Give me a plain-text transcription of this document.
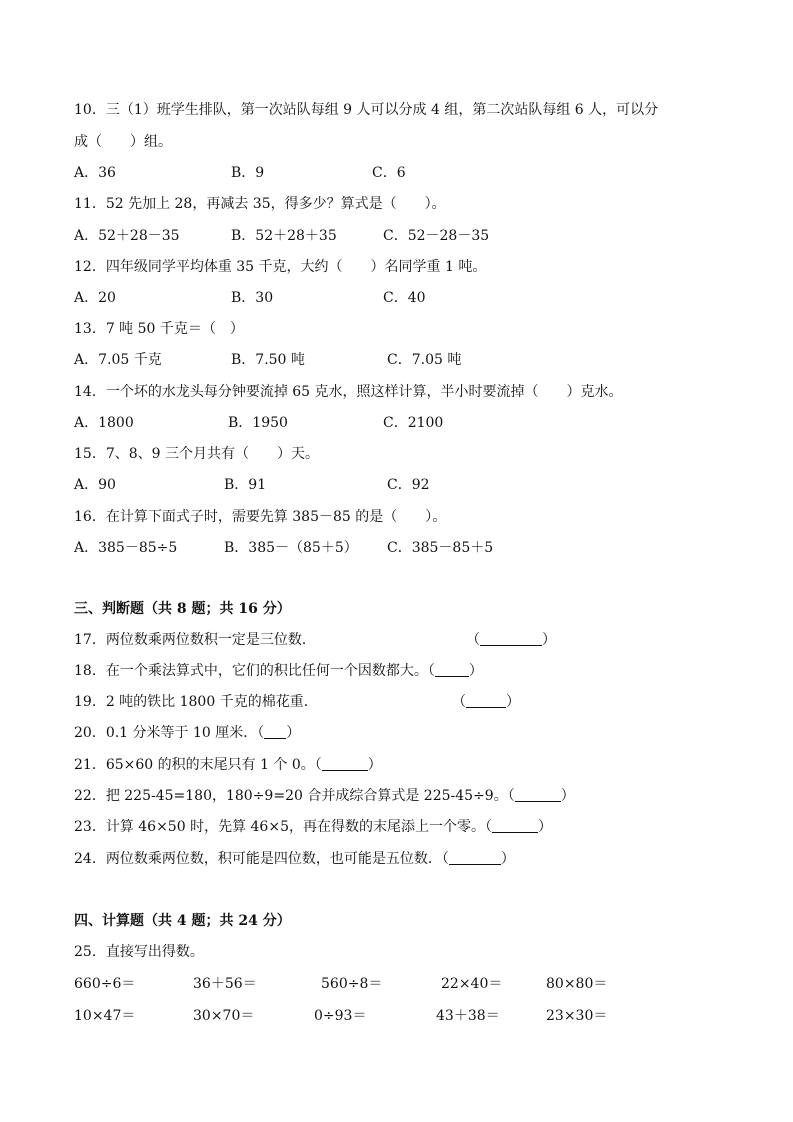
10．三（1）班学生排队，第一次站队每组 9 人可以分成 4 组，第二次站队每组 6 人，可以分
成（　　）组。
A．36	B．9	C．6
11．52 先加上 28，再减去 35，得多少？算式是（　　）。
A．52＋28－35	B．52＋28＋35	C．52－28－35
12．四年级同学平均体重 35 千克，大约（　　）名同学重 1 吨。
A．20	B．30	C．40
13．7 吨 50 千克＝（　）
A．7.05 千克	B．7.50 吨	C．7.05 吨
14．一个坏的水龙头每分钟要流掉 65 克水，照这样计算，半小时要流掉（　　）克水。
A．1800	B．1950	C．2100
15．7、8、9 三个月共有（　　）天。
A．90	B．91	C．92
16．在计算下面式子时，需要先算 385－85 的是（　　）。
A．385－85÷5	B．385－（85＋5） C．385－85＋5
三、判断题（共 8 题；共 16 分）
17．两位数乘两位数积一定是三位数．	（	）
18．在一个乘法算式中，它们的积比任何一个因数都大。（ ）
19．2 吨的铁比 1800 千克的棉花重．	（	）
20．0.1 分米等于 10 厘米．（ ）
21．65×60 的积的末尾只有 1 个 0。（	）
22．把 225-45=180，180÷9=20 合并成综合算式是 225-45÷9。（	）
23．计算 46×50 时，先算 46×5，再在得数的末尾添上一个零。（	）
24．两位数乘两位数，积可能是四位数，也可能是五位数．（	）
四、计算题（共 4 题；共 24 分）
25．直接写出得数。
660÷6＝	36＋56＝	560÷8＝	22×40＝	80×80＝
10×47＝	30×70＝	0÷93＝	43＋38＝	23×30＝
